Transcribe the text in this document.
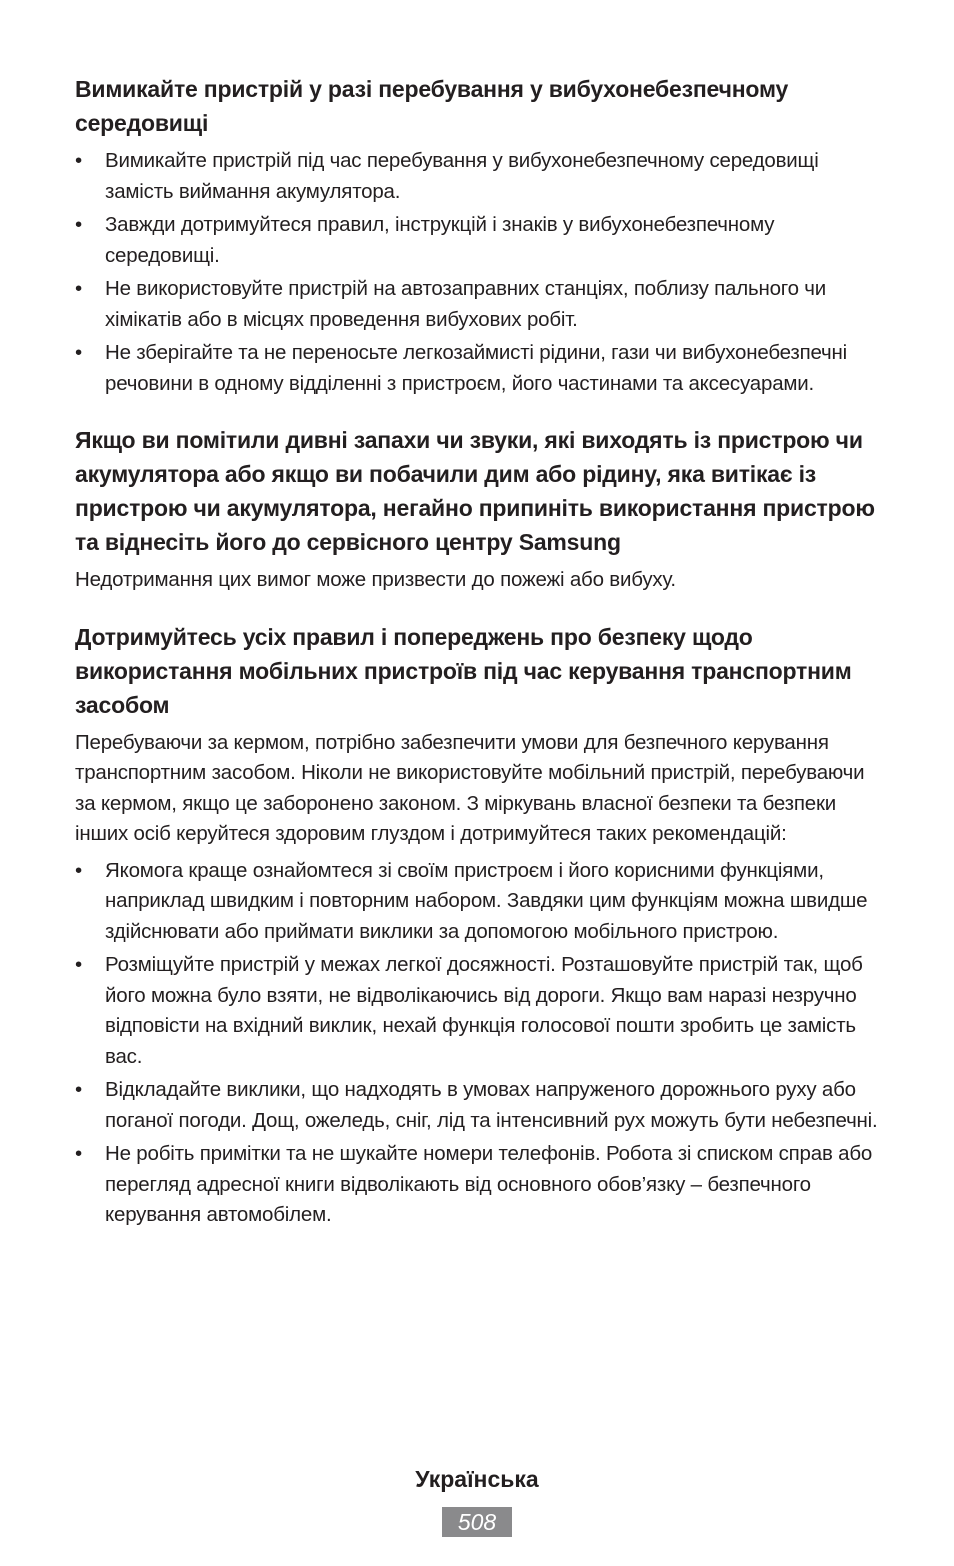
Вимикайте пристрій у разі перебування у вибухонебезпечному середовищі
•	Вимикайте пристрій під час перебування у вибухонебезпечному середовищі замість виймання акумулятора.
•	Завжди дотримуйтеся правил, інструкцій і знаків у вибухонебезпечному середовищі.
•	Не використовуйте пристрій на автозаправних станціях, поблизу пального чи хімікатів або в місцях проведення вибухових робіт.
•	Не зберігайте та не переносьте легкозаймисті рідини, гази чи вибухонебезпечні речовини в одному відділенні з пристроєм, його частинами та аксесуарами.
Якщо ви помітили дивні запахи чи звуки, які виходять із пристрою чи акумулятора або якщо ви побачили дим або рідину, яка витікає із пристрою чи акумулятора, негайно припиніть використання пристрою та віднесіть його до сервісного центру Samsung
Недотримання цих вимог може призвести до пожежі або вибуху.
Дотримуйтесь усіх правил і попереджень про безпеку щодо використання мобільних пристроїв під час керування транспортним засобом
Перебуваючи за кермом, потрібно забезпечити умови для безпечного керування транспортним засобом. Ніколи не використовуйте мобільний пристрій, перебуваючи за кермом, якщо це заборонено законом. З міркувань власної безпеки та безпеки інших осіб керуйтеся здоровим глуздом і дотримуйтеся таких рекомендацій:
•	Якомога краще ознайомтеся зі своїм пристроєм і його корисними функціями, наприклад швидким і повторним набором. Завдяки цим функціям можна швидше здійснювати або приймати виклики за допомогою мобільного пристрою.
•	Розміщуйте пристрій у межах легкої досяжності. Розташовуйте пристрій так, щоб його можна було взяти, не відволікаючись від дороги. Якщо вам наразі незручно відповісти на вхідний виклик, нехай функція голосової пошти зробить це замість вас.
•	Відкладайте виклики, що надходять в умовах напруженого дорожнього руху або поганої погоди. Дощ, ожеледь, сніг, лід та інтенсивний рух можуть бути небезпечні.
•	Не робіть примітки та не шукайте номери телефонів. Робота зі списком справ або перегляд адресної книги відволікають від основного обов’язку – безпечного керування автомобілем.
Українська
508
